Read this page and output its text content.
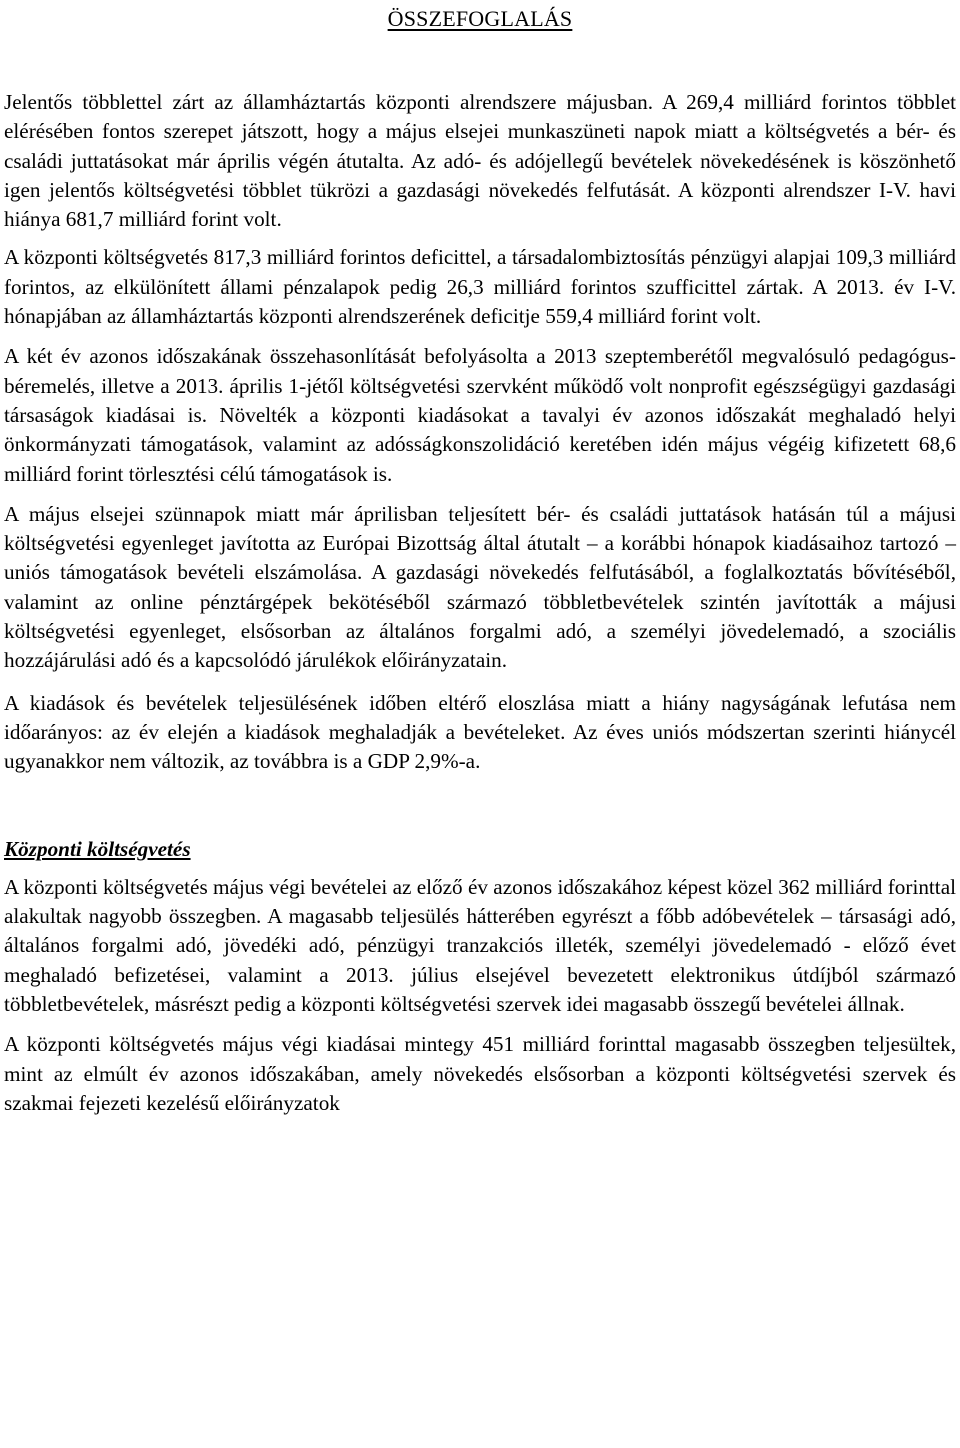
ÖSSZEFOGLALÁS

Jelentős többlettel zárt az államháztartás központi alrendszere májusban. A 269,4 milliárd forintos többlet elérésében fontos szerepet játszott, hogy a május elsejei munkaszüneti napok miatt a költségvetés a bér- és családi juttatásokat már április végén átutalta. Az adó- és adójellegű bevételek növekedésének is köszönhető igen jelentős költségvetési többlet tükrözi a gazdasági növekedés felfutását. A központi alrendszer I-V. havi hiánya 681,7 milliárd forint volt.

A központi költségvetés 817,3 milliárd forintos deficittel, a társadalombiztosítás pénzügyi alapjai 109,3 milliárd forintos, az elkülönített állami pénzalapok pedig 26,3 milliárd forintos szufficittel zártak. A 2013. év I-V. hónapjában az államháztartás központi alrendszerének deficitje 559,4 milliárd forint volt.

A két év azonos időszakának összehasonlítását befolyásolta a 2013 szeptemberétől megvalósuló pedagógus-béremelés, illetve a 2013. április 1-jétől költségvetési szervként működő volt nonprofit egészségügyi gazdasági társaságok kiadásai is. Növelték a központi kiadásokat a tavalyi év azonos időszakát meghaladó helyi önkormányzati támogatások, valamint az adósságkonszolidáció keretében idén május végéig kifizetett 68,6 milliárd forint törlesztési célú támogatások is.

A május elsejei szünnapok miatt már áprilisban teljesített bér- és családi juttatások hatásán túl a májusi költségvetési egyenleget javította az Európai Bizottság által átutalt – a korábbi hónapok kiadásaihoz tartozó – uniós támogatások bevételi elszámolása. A gazdasági növekedés felfutásából, a foglalkoztatás bővítéséből, valamint az online pénztárgépek bekötéséből származó többletbevételek szintén javították a májusi költségvetési egyenleget, elsősorban az általános forgalmi adó, a személyi jövedelemadó, a szociális hozzájárulási adó és a kapcsolódó járulékok előirányzatain.

A kiadások és bevételek teljesülésének időben eltérő eloszlása miatt a hiány nagyságának lefutása nem időarányos: az év elején a kiadások meghaladják a bevételeket. Az éves uniós módszertan szerinti hiánycél ugyanakkor nem változik, az továbbra is a GDP 2,9%-a.

Központi költségvetés

A központi költségvetés május végi bevételei az előző év azonos időszakához képest közel 362 milliárd forinttal alakultak nagyobb összegben. A magasabb teljesülés hátterében egyrészt a főbb adóbevételek – társasági adó, általános forgalmi adó, jövedéki adó, pénzügyi tranzakciós illeték, személyi jövedelemadó - előző évet meghaladó befizetései, valamint a 2013. július elsejével bevezetett elektronikus útdíjból származó többletbevételek, másrészt pedig a központi költségvetési szervek idei magasabb összegű bevételei állnak.

A központi költségvetés május végi kiadásai mintegy 451 milliárd forinttal magasabb összegben teljesültek, mint az elmúlt év azonos időszakában, amely növekedés elsősorban a központi költségvetési szervek és szakmai fejezeti kezelésű előirányzatok
